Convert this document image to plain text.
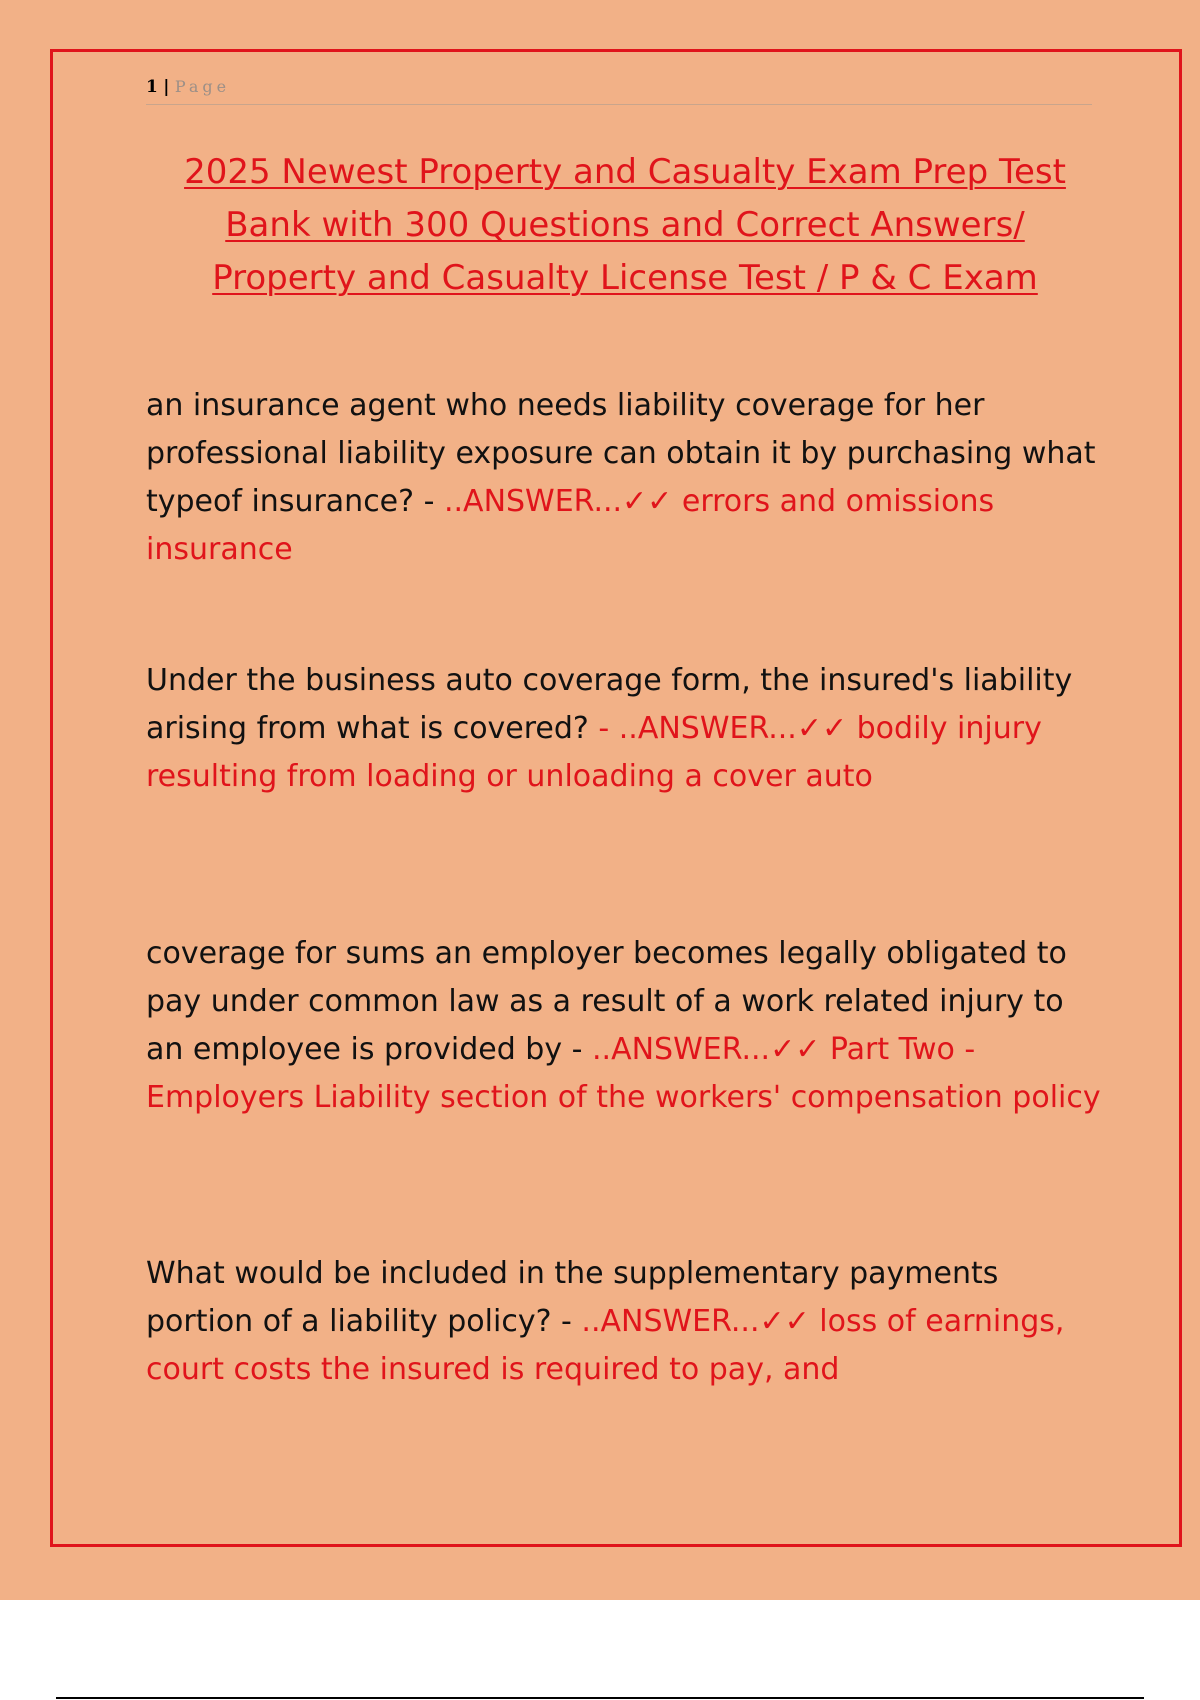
1 | Page
2025 Newest Property and Casualty Exam Prep Test
Bank with 300 Questions and Correct Answers/
Property and Casualty License Test / P & C Exam
an insurance agent who needs liability coverage for her professional liability exposure can obtain it by purchasing what typeof insurance? - ..ANSWER...✓✓ errors and omissions insurance
Under the business auto coverage form, the insured's liability arising from what is covered? - ..ANSWER...✓✓ bodily injury resulting from loading or unloading a cover auto
coverage for sums an employer becomes legally obligated to pay under common law as a result of a work related injury to an employee is provided by - ..ANSWER...✓✓ Part Two - Employers Liability section of the workers' compensation policy
What would be included in the supplementary payments portion of a liability policy? - ..ANSWER...✓✓ loss of earnings, court costs the insured is required to pay, and
